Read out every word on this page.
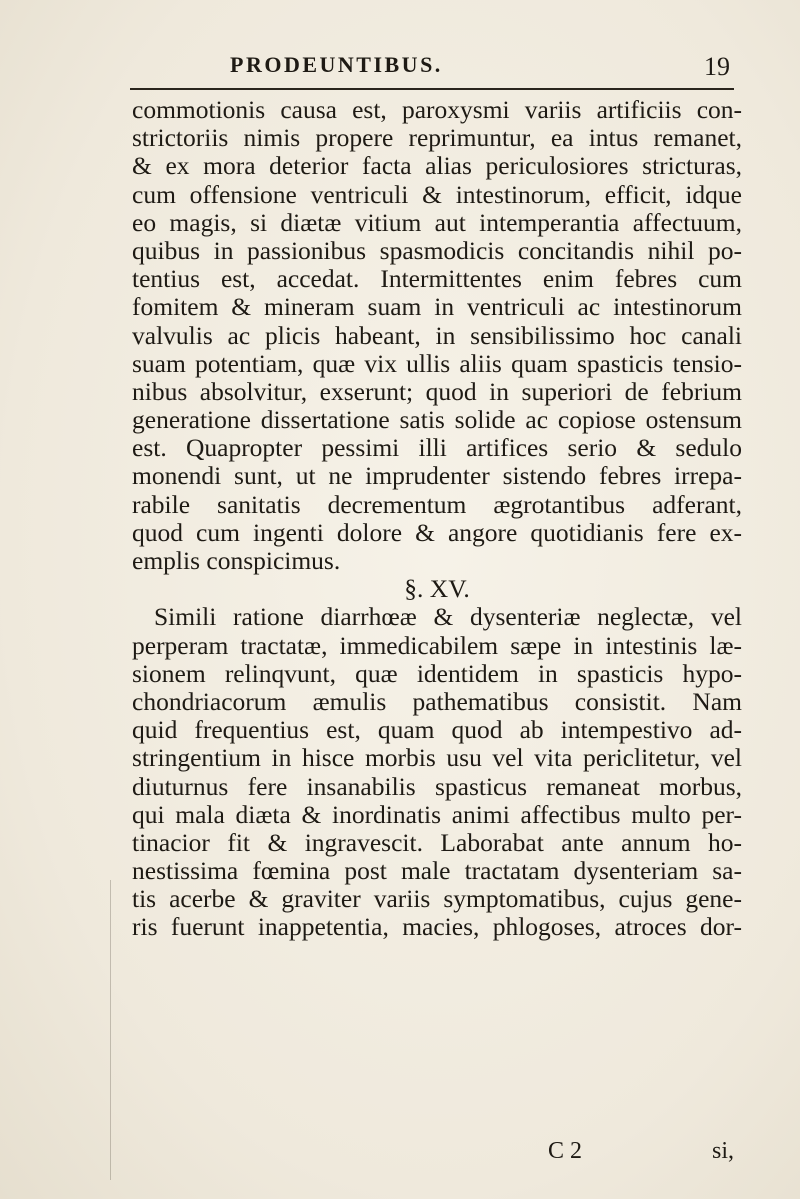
PRODEUNTIBUS.	19
commotionis causa est, paroxysmi variis artificiis con-
strictoriis nimis propere reprimuntur, ea intus remanet,
& ex mora deterior facta alias periculosiores stricturas,
cum offensione ventriculi & intestinorum, efficit, idque
eo magis, si diætæ vitium aut intemperantia affectuum,
quibus in passionibus spasmodicis concitandis nihil po-
tentius est, accedat. Intermittentes enim febres cum
fomitem & mineram suam in ventriculi ac intestinorum
valvulis ac plicis habeant, in sensibilissimo hoc canali
suam potentiam, quæ vix ullis aliis quam spasticis tensio-
nibus absolvitur, exserunt; quod in superiori de febrium
generatione dissertatione satis solide ac copiose ostensum
est. Quapropter pessimi illi artifices serio & sedulo
monendi sunt, ut ne imprudenter sistendo febres irrepa-
rabile sanitatis decrementum ægrotantibus adferant,
quod cum ingenti dolore & angore quotidianis fere ex-
emplis conspicimus.
§. XV.
Simili ratione diarrhœæ & dysenteriæ neglectæ, vel
perperam tractatæ, immedicabilem sæpe in intestinis læ-
sionem relinqvunt, quæ identidem in spasticis hypo-
chondriacorum æmulis pathematibus consistit. Nam
quid frequentius est, quam quod ab intempestivo ad-
stringentium in hisce morbis usu vel vita periclitetur, vel
diuturnus fere insanabilis spasticus remaneat morbus,
qui mala diæta & inordinatis animi affectibus multo per-
tinacior fit & ingravescit. Laborabat ante annum ho-
nestissima fœmina post male tractatam dysenteriam sa-
tis acerbe & graviter variis symptomatibus, cujus gene-
ris fuerunt inappetentia, macies, phlogoses, atroces dor-
C 2	si,
